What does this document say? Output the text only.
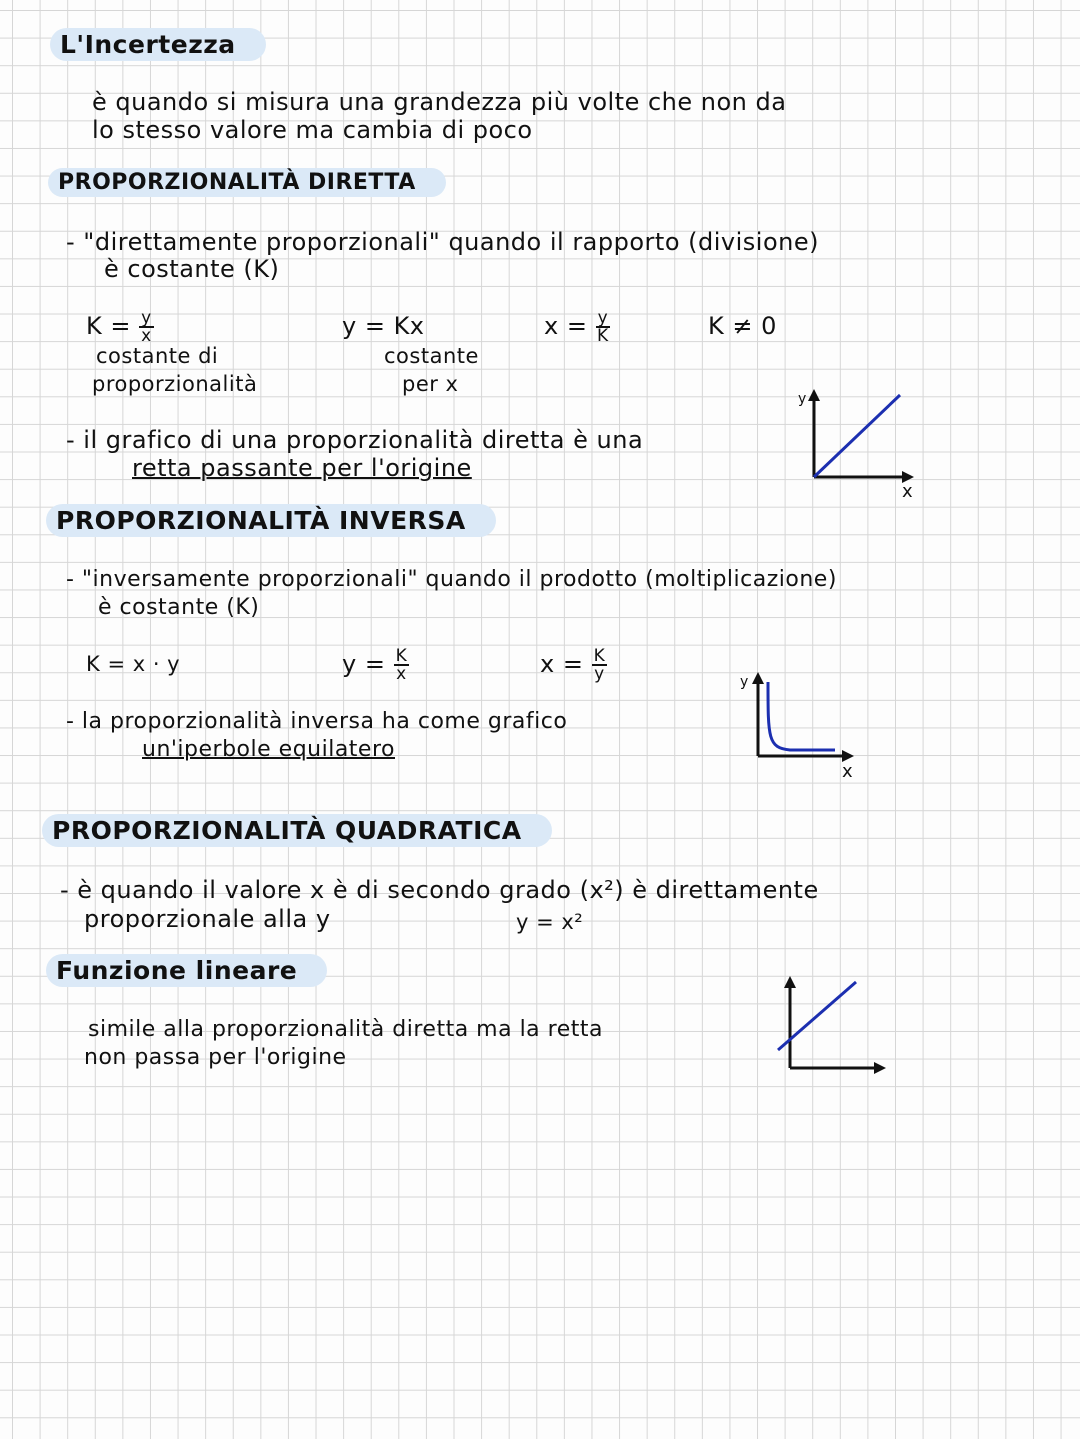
L'Incertezza
è quando si misura una grandezza più volte che non da
lo stesso valore ma cambia di poco
PROPORZIONALITÀ DIRETTA
- "direttamente proporzionali" quando il rapporto (divisione)
è costante (K)
$K = \frac{y}{x}$
costante di
proporzionalità
y = Kx
costante
per x
$x = \frac{y}{K}$	K ≠ 0
- il grafico di una proporzionalità diretta è una
retta passante per l'origine
y
x
PROPORZIONALITÀ INVERSA
- "inversamente proporzionali" quando il prodotto (moltiplicazione)
è costante (K)
K = x · y	$y = \frac{K}{x}$	$x = \frac{K}{y}$
- la proporzionalità inversa ha come grafico
un'iperbole equilatero
y
x
PROPORZIONALITÀ QUADRATICA
- è quando il valore x è di secondo grado (x²) è direttamente
proporzionale alla y	y = x²
Funzione lineare
simile alla proporzionalità diretta ma la retta
non passa per l'origine
